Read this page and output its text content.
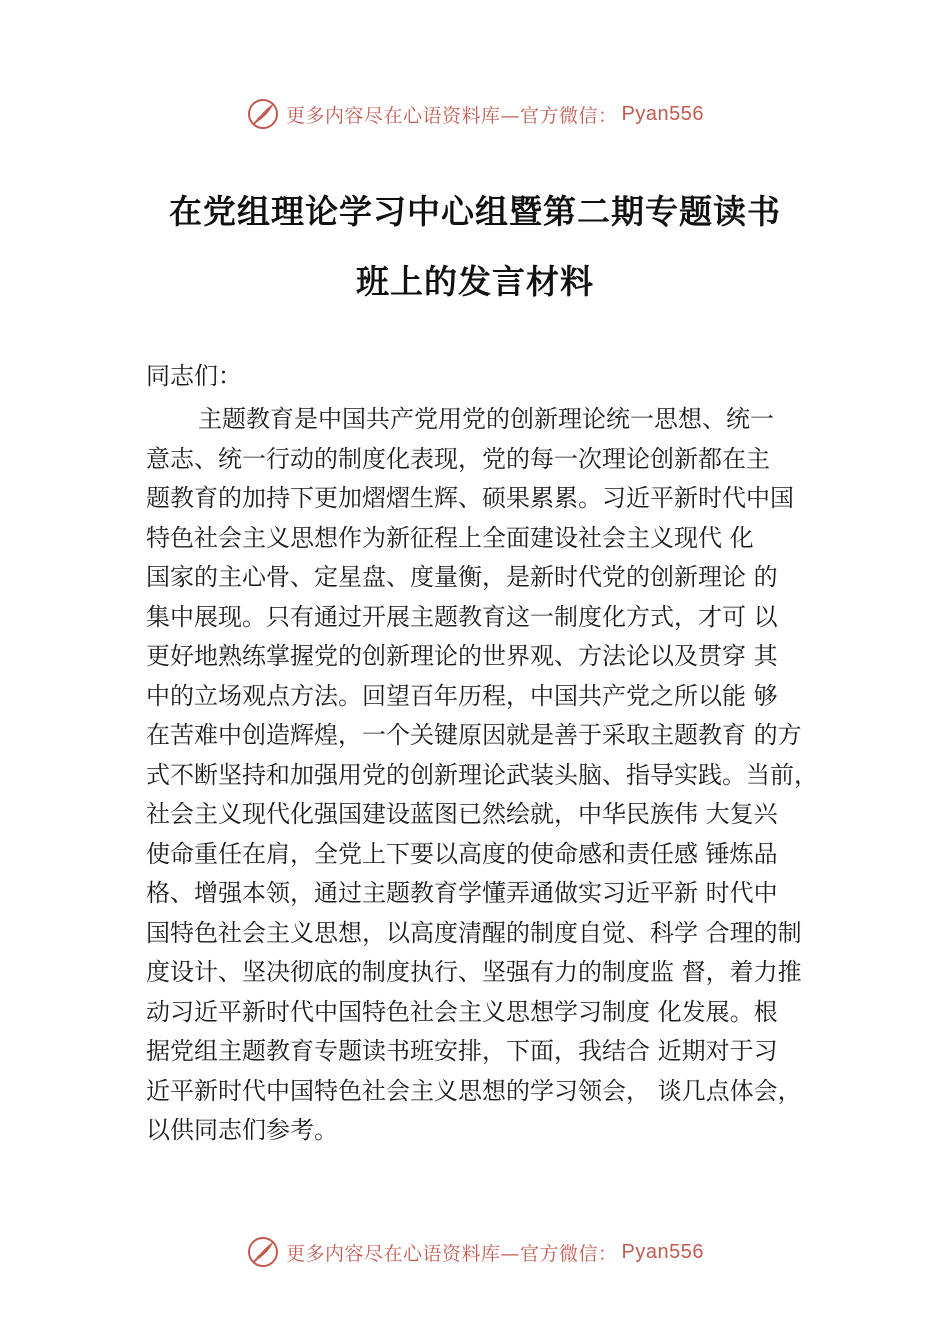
更多内容尽在心语资料库—官方微信： Pyan556
在党组理论学习中心组暨第二期专题读书
班上的发言材料
同志们：
主题教育是中国共产党用党的创新理论统一思想、统一
意志、统一行动的制度化表现，党的每一次理论创新都在主
题教育的加持下更加熠熠生辉、硕果累累。习近平新时代中国
特色社会主义思想作为新征程上全面建设社会主义现代 化
国家的主心骨、定星盘、度量衡，是新时代党的创新理论 的
集中展现。只有通过开展主题教育这一制度化方式，才可 以
更好地熟练掌握党的创新理论的世界观、方法论以及贯穿 其
中的立场观点方法。回望百年历程，中国共产党之所以能 够
在苦难中创造辉煌，一个关键原因就是善于采取主题教育 的方
式不断坚持和加强用党的创新理论武装头脑、指导实践。当前，
社会主义现代化强国建设蓝图已然绘就，中华民族伟 大复兴
使命重任在肩，全党上下要以高度的使命感和责任感 锤炼品
格、增强本领，通过主题教育学懂弄通做实习近平新 时代中
国特色社会主义思想，以高度清醒的制度自觉、科学 合理的制
度设计、坚决彻底的制度执行、坚强有力的制度监 督，着力推
动习近平新时代中国特色社会主义思想学习制度 化发展。根
据党组主题教育专题读书班安排，下面，我结合 近期对于习
近平新时代中国特色社会主义思想的学习领会， 谈几点体会，
以供同志们参考。
更多内容尽在心语资料库—官方微信： Pyan556
